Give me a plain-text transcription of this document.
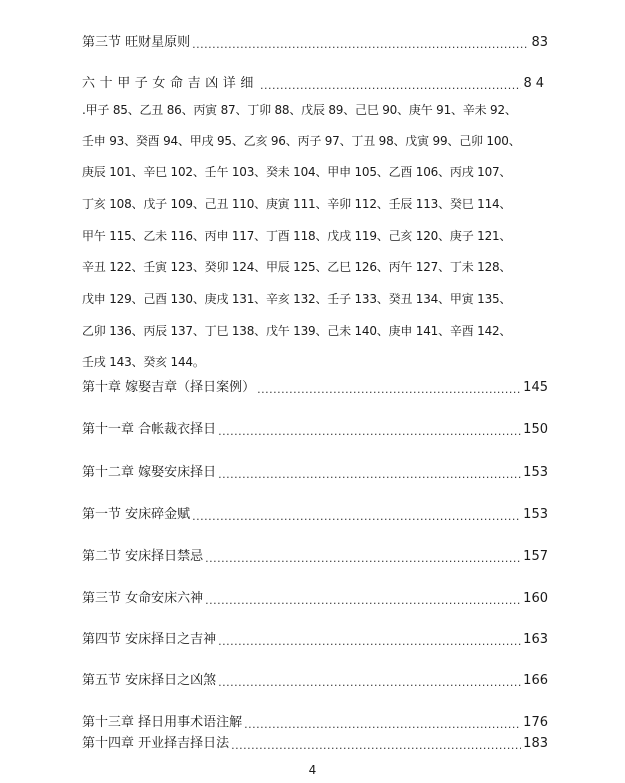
第三节 旺财星原则 .....	83
六十甲子女命吉凶详细 .....	84
.甲子 85、乙丑 86、丙寅 87、丁卯 88、戊辰 89、己巳 90、庚午 91、辛未 92、
壬申 93、癸酉 94、甲戌 95、乙亥 96、丙子 97、丁丑 98、戊寅 99、己卯 100、
庚辰 101、辛巳 102、壬午 103、癸未 104、甲申 105、乙酉 106、丙戌 107、
丁亥 108、戊子 109、己丑 110、庚寅 111、辛卯 112、壬辰 113、癸巳 114、
甲午 115、乙未 116、丙申 117、丁酉 118、戊戌 119、己亥 120、庚子 121、
辛丑 122、壬寅 123、癸卯 124、甲辰 125、乙巳 126、丙午 127、丁未 128、
戊申 129、己酉 130、庚戌 131、辛亥 132、壬子 133、癸丑 134、甲寅 135、
乙卯 136、丙辰 137、丁巳 138、戊午 139、己未 140、庚申 141、辛酉 142、
壬戌 143、癸亥 144。
第十章 嫁娶吉章（择日案例） .....	145
第十一章 合帐裁衣择日 .....	150
第十二章 嫁娶安床择日 .....	153
第一节 安床碎金赋 .....	153
第二节 安床择日禁忌 .....	157
第三节 女命安床六神 .....	160
第四节 安床择日之吉神 .....	163
第五节 安床择日之凶煞 .....	166
第十三章 择日用事术语注解 .....	176
第十四章 开业择吉择日法 .....	183
4
